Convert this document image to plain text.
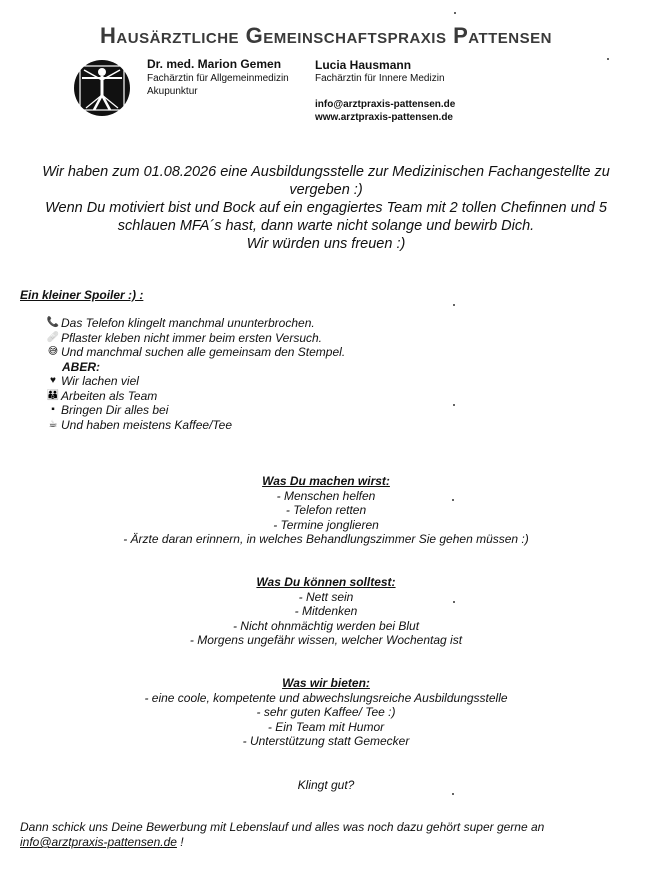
Hausärztliche Gemeinschaftspraxis Pattensen
Dr. med. Marion Gemen
Fachärztin für Allgemeinmedizin
Akupunktur
Lucia Hausmann
Fachärztin für Innere Medizin
info@arztpraxis-pattensen.de
www.arztpraxis-pattensen.de
Wir haben zum 01.08.2026 eine Ausbildungsstelle zur Medizinischen Fachangestellte zu
vergeben :)
Wenn Du motiviert bist und Bock auf ein engagiertes Team mit 2 tollen Chefinnen und 5
schlauen MFA´s hast, dann warte nicht solange und bewirb Dich.
Wir würden uns freuen :)
Ein kleiner Spoiler :) :
📞 Das Telefon klingelt manchmal ununterbrochen.
🩹 Pflaster kleben nicht immer beim ersten Versuch.
😅 Und manchmal suchen alle gemeinsam den Stempel.
ABER:
♥ Wir lachen viel
👪 Arbeiten als Team
▪ Bringen Dir alles bei
☕ Und haben meistens Kaffee/Tee
Was Du machen wirst:
- Menschen helfen
- Telefon retten
- Termine jonglieren
- Ärzte daran erinnern, in welches Behandlungszimmer Sie gehen müssen :)
Was Du können solltest:
- Nett sein
- Mitdenken
- Nicht ohnmächtig werden bei Blut
- Morgens ungefähr wissen, welcher Wochentag ist
Was wir bieten:
- eine coole, kompetente und abwechslungsreiche Ausbildungsstelle
- sehr guten Kaffee/ Tee :)
- Ein Team mit Humor
- Unterstützung statt Gemecker
Klingt gut?
Dann schick uns Deine Bewerbung mit Lebenslauf und alles was noch dazu gehört super gerne an
info@arztpraxis-pattensen.de !
